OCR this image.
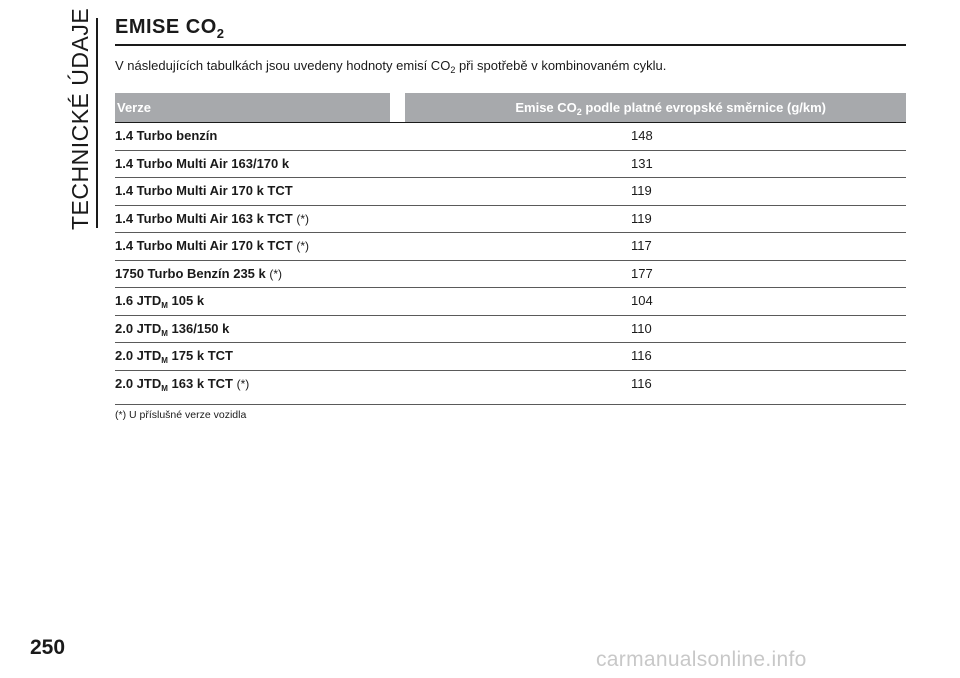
TECHNICKÉ ÚDAJE
250
EMISE $CO_2$
V následujících tabulkách jsou uvedeny hodnoty emisí $CO_2$ při spotřebě v kombinovaném cyklu.
Verze	Emise $CO_2$ podle platné evropské směrnice (g/km)
1.4 Turbo benzín	148
1.4 Turbo Multi Air 163/170 k	131
1.4 Turbo Multi Air 170 k TCT	119
1.4 Turbo Multi Air 163 k TCT (*)	119
1.4 Turbo Multi Air 170 k TCT (*)	117
1750 Turbo Benzín 235 k (*)	177
1.6 $JTD_M$ 105 k	104
2.0 $JTD_M$ 136/150 k	110
2.0 $JTD_M$ 175 k TCT	116
2.0 $JTD_M$ 163 k TCT (*)	116
(*) U příslušné verze vozidla
carmanualsonline.info
